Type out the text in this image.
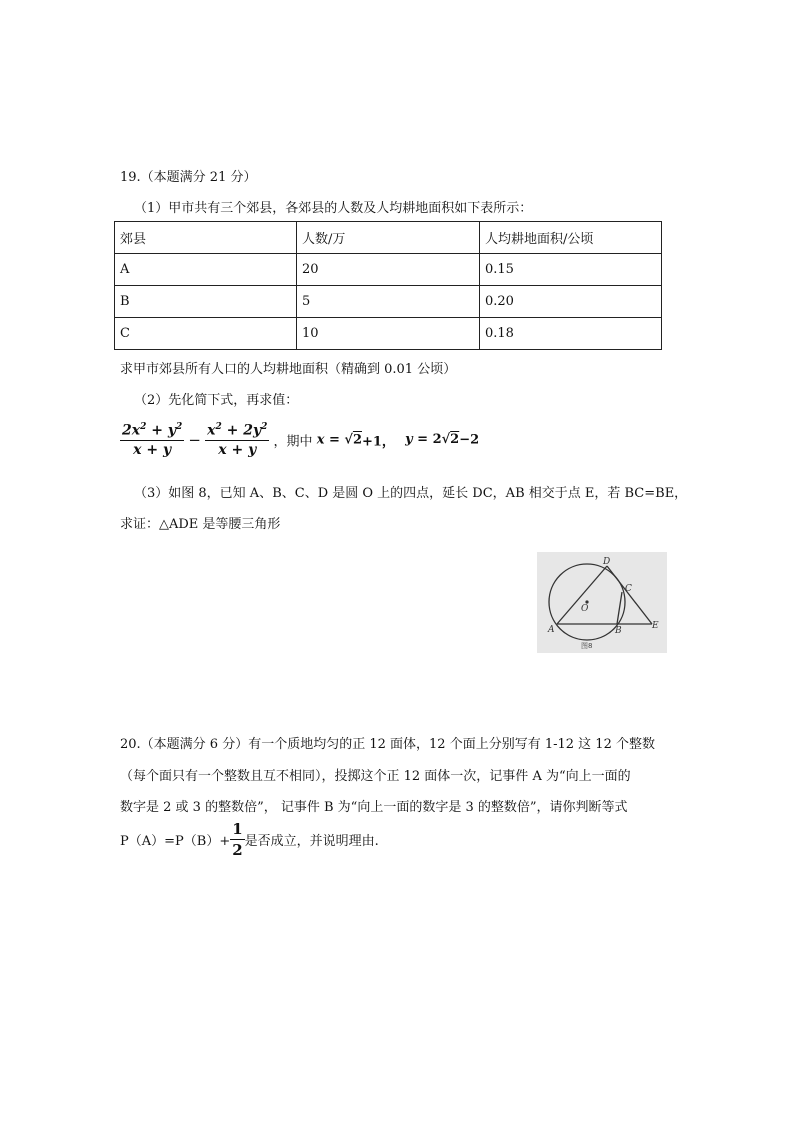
19.（本题满分 21 分）
（1）甲市共有三个郊县，各郊县的人数及人均耕地面积如下表所示：
郊县	人数/万	人均耕地面积/公顷
A	20	0.15
B	5	0.20
C	10	0.18
求甲市郊县所有人口的人均耕地面积（精确到 0.01 公顷）
（2）先化简下式，再求值：
$\frac{2x^2 + y^2}{x + y} - \frac{x^2 + 2y^2}{x + y}$ ，期中 x = √2+1， y = 2√2−2
（3）如图 8，已知 A、B、C、D 是圆 O 上的四点，延长 DC，AB 相交于点 E，若 BC=BE，
求证：△ADE 是等腰三角形
O
A	B
C
D
E
图8
20.（本题满分 6 分）有一个质地均匀的正 12 面体，12 个面上分别写有 1-12 这 12 个整数
（每个面只有一个整数且互不相同），投掷这个正 12 面体一次，记事件 A 为“向上一面的
数字是 2 或 3 的整数倍”， 记事件 B 为“向上一面的数字是 3 的整数倍”，请你判断等式
$P(A)=P(B)+ \frac{1}{2}$ 是否成立，并说明理由.
